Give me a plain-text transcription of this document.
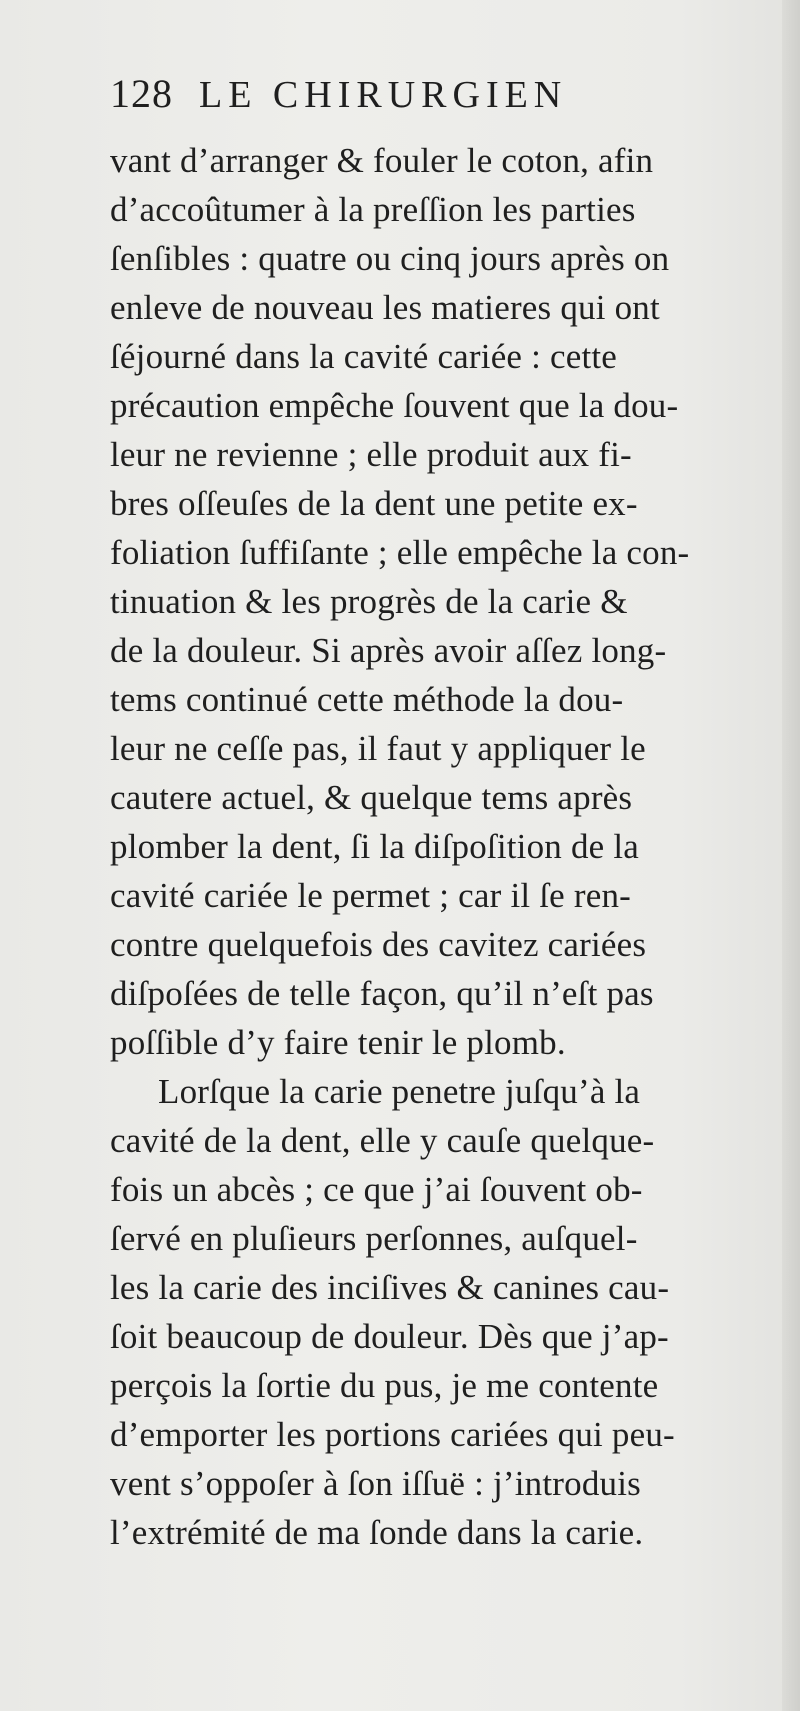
128 LE CHIRURGIEN
vant d’arranger & fouler le coton, afin
d’accoûtumer à la preſſion les parties
ſenſibles : quatre ou cinq jours après on
enleve de nouveau les matieres qui ont
ſéjourné dans la cavité cariée : cette
précaution empêche ſouvent que la dou-
leur ne revienne ; elle produit aux fi-
bres oſſeuſes de la dent une petite ex-
foliation ſuffiſante ; elle empêche la con-
tinuation & les progrès de la carie &
de la douleur. Si après avoir aſſez long-
tems continué cette méthode la dou-
leur ne ceſſe pas, il faut y appliquer le
cautere actuel, & quelque tems après
plomber la dent, ſi la diſpoſition de la
cavité cariée le permet ; car il ſe ren-
contre quelquefois des cavitez cariées
diſpoſées de telle façon, qu’il n’eſt pas
poſſible d’y faire tenir le plomb.
Lorſque la carie penetre juſqu’à la
cavité de la dent, elle y cauſe quelque-
fois un abcès ; ce que j’ai ſouvent ob-
ſervé en pluſieurs perſonnes, auſquel-
les la carie des inciſives & canines cau-
ſoit beaucoup de douleur. Dès que j’ap-
perçois la ſortie du pus, je me contente
d’emporter les portions cariées qui peu-
vent s’oppoſer à ſon iſſuë : j’introduis
l’extrémité de ma ſonde dans la carie.
